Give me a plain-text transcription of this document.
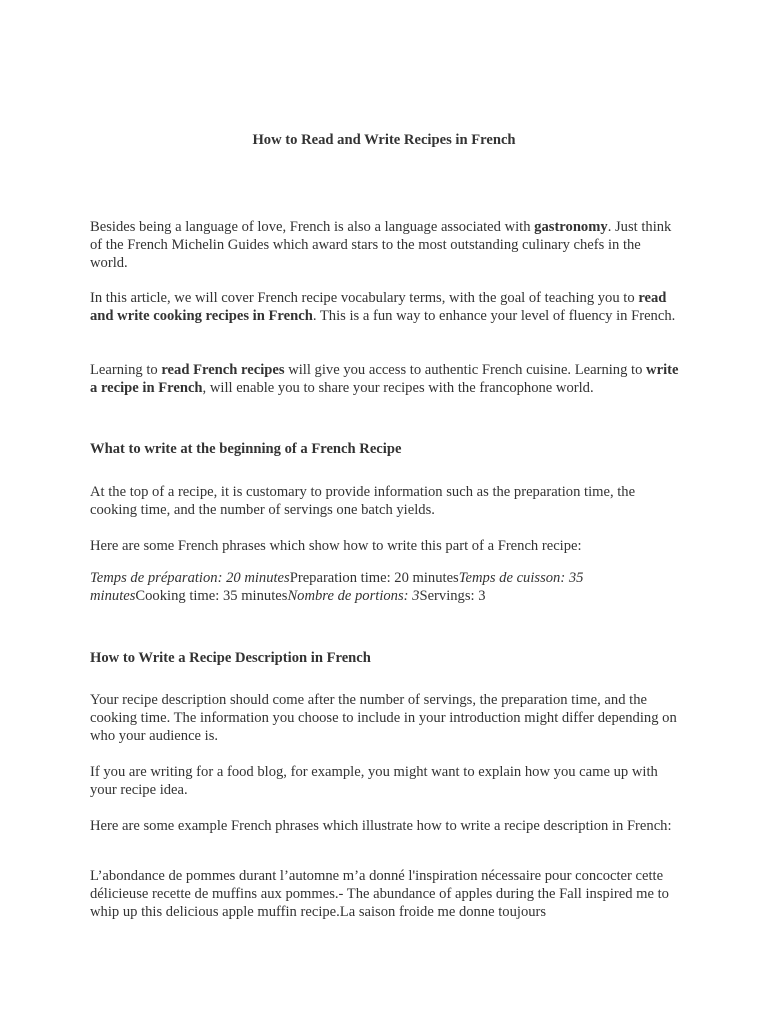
How to Read and Write Recipes in French

Besides being a language of love, French is also a language associated with gastronomy. Just think of the French Michelin Guides which award stars to the most outstanding culinary chefs in the world.

In this article, we will cover French recipe vocabulary terms, with the goal of teaching you to read and write cooking recipes in French. This is a fun way to enhance your level of fluency in French.

Learning to read French recipes will give you access to authentic French cuisine. Learning to write a recipe in French, will enable you to share your recipes with the francophone world.

What to write at the beginning of a French Recipe

At the top of a recipe, it is customary to provide information such as the preparation time, the cooking time, and the number of servings one batch yields.

Here are some French phrases which show how to write this part of a French recipe:

Temps de préparation: 20 minutesPreparation time: 20 minutesTemps de cuisson: 35 minutesCooking time: 35 minutesNombre de portions: 3Servings: 3

How to Write a Recipe Description in French

Your recipe description should come after the number of servings, the preparation time, and the cooking time. The information you choose to include in your introduction might differ depending on who your audience is.

If you are writing for a food blog, for example, you might want to explain how you came up with your recipe idea.

Here are some example French phrases which illustrate how to write a recipe description in French:

L’abondance de pommes durant l’automne m’a donné l'inspiration nécessaire pour concocter cette délicieuse recette de muffins aux pommes.- The abundance of apples during the Fall inspired me to whip up this delicious apple muffin recipe.La saison froide me donne toujours
